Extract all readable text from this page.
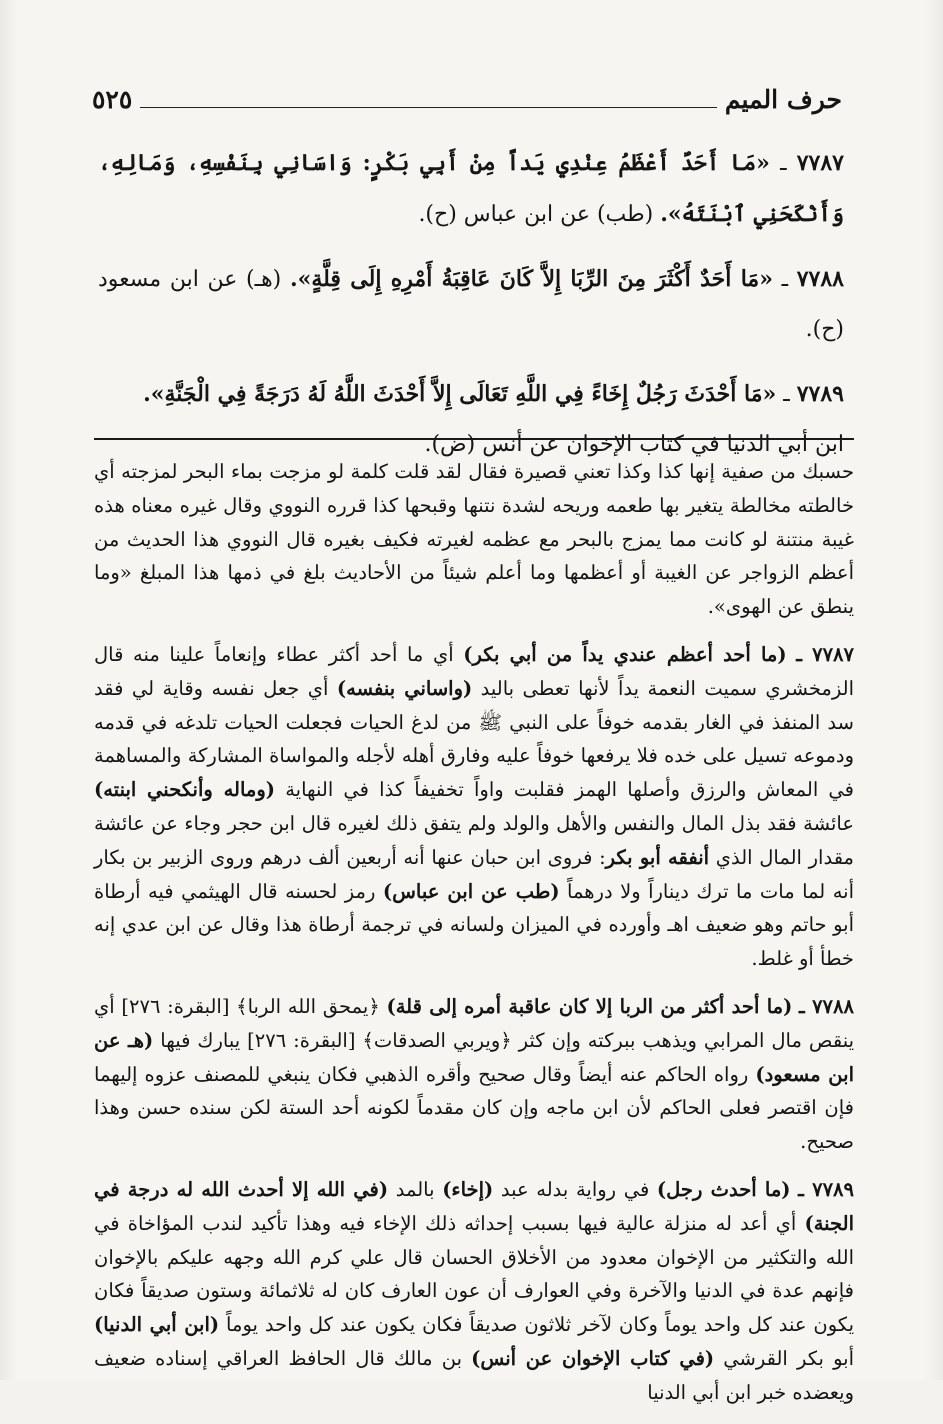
حرف الميم
٥٢٥

٧٧٨٧ ـ «مَا أَحَدٌ أَعْظَمُ عِنْدِي يَداً مِنْ أَبِي بَكْرٍ: وَاسَانِي بِنَفْسِهِ، وَمَالِهِ، وَأَنْكَحَنِي ٱبْنَتَهُ». (طب) عن ابن عباس (ح).

٧٧٨٨ ـ «مَا أَحَدٌ أَكْثَرَ مِنَ الرِّبَا إِلاَّ كَانَ عَاقِبَةُ أَمْرِهِ إِلَى قِلَّةٍ». (هـ) عن ابن مسعود (ح).

٧٧٨٩ ـ «مَا أَحْدَثَ رَجُلٌ إِخَاءً فِي اللَّهِ تَعَالَى إِلاَّ أَحْدَثَ اللَّهُ لَهُ دَرَجَةً فِي الْجَنَّةِ».
ابن أبي الدنيا في كتاب الإخوان عن أنس (ض).

حسبك من صفية إنها كذا وكذا تعني قصيرة فقال لقد قلت كلمة لو مزجت بماء البحر لمزجته أي خالطته مخالطة يتغير بها طعمه وريحه لشدة نتنها وقبحها كذا قرره النووي وقال غيره معناه هذه غيبة منتنة لو كانت مما يمزج بالبحر مع عظمه لغيرته فكيف بغيره قال النووي هذا الحديث من أعظم الزواجر عن الغيبة أو أعظمها وما أعلم شيئاً من الأحاديث بلغ في ذمها هذا المبلغ «وما ينطق عن الهوى».

٧٧٨٧ ـ (ما أحد أعظم عندي يداً من أبي بكر) أي ما أحد أكثر عطاء وإنعاماً علينا منه قال الزمخشري سميت النعمة يداً لأنها تعطى باليد (واساني بنفسه) أي جعل نفسه وقاية لي فقد سد المنفذ في الغار بقدمه خوفاً على النبي ﷺ من لدغ الحيات فجعلت الحيات تلدغه في قدمه ودموعه تسيل على خده فلا يرفعها خوفاً عليه وفارق أهله لأجله والمواساة المشاركة والمساهمة في المعاش والرزق وأصلها الهمز فقلبت واواً تخفيفاً كذا في النهاية (وماله وأنكحني ابنته) عائشة فقد بذل المال والنفس والأهل والولد ولم يتفق ذلك لغيره قال ابن حجر وجاء عن عائشة مقدار المال الذي أنفقه أبو بكر: فروى ابن حبان عنها أنه أربعين ألف درهم وروى الزبير بن بكار أنه لما مات ما ترك ديناراً ولا درهماً (طب عن ابن عباس) رمز لحسنه قال الهيثمي فيه أرطاة أبو حاتم وهو ضعيف اهـ وأورده في الميزان ولسانه في ترجمة أرطاة هذا وقال عن ابن عدي إنه خطأ أو غلط.

٧٧٨٨ ـ (ما أحد أكثر من الربا إلا كان عاقبة أمره إلى قلة) ﴿يمحق الله الربا﴾ [البقرة: ٢٧٦] أي ينقص مال المرابي ويذهب ببركته وإن كثر ﴿ويربي الصدقات﴾ [البقرة: ٢٧٦] يبارك فيها (هـ عن ابن مسعود) رواه الحاكم عنه أيضاً وقال صحيح وأقره الذهبي فكان ينبغي للمصنف عزوه إليهما فإن اقتصر فعلى الحاكم لأن ابن ماجه وإن كان مقدماً لكونه أحد الستة لكن سنده حسن وهذا صحيح.

٧٧٨٩ ـ (ما أحدث رجل) في رواية بدله عبد (إخاء) بالمد (في الله إلا أحدث الله له درجة في الجنة) أي أعد له منزلة عالية فيها بسبب إحداثه ذلك الإخاء فيه وهذا تأكيد لندب المؤاخاة في الله والتكثير من الإخوان معدود من الأخلاق الحسان قال علي كرم الله وجهه عليكم بالإخوان فإنهم عدة في الدنيا والآخرة وفي العوارف أن عون العارف كان له ثلاثمائة وستون صديقاً فكان يكون عند كل واحد يوماً وكان لآخر ثلاثون صديقاً فكان يكون عند كل واحد يوماً (ابن أبي الدنيا) أبو بكر القرشي (في كتاب الإخوان عن أنس) بن مالك قال الحافظ العراقي إسناده ضعيف ويعضده خبر ابن أبي الدنيا
